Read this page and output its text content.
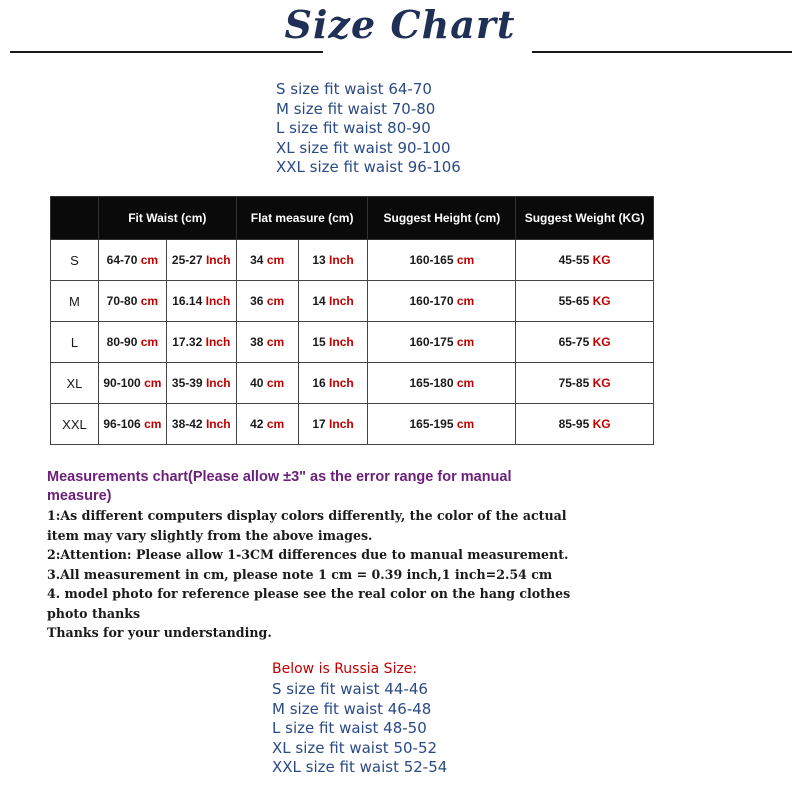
Size Chart
S size fit waist 64-70
M size fit waist 70-80
L size fit waist 80-90
XL size fit waist 90-100
XXL size fit waist 96-106
	Fit Waist (cm)		Flat measure (cm)		Suggest Height (cm)	Suggest Weight (KG)
S	64-70 cm	25-27 Inch	34 cm	13 Inch	160-165 cm	45-55 KG
M	70-80 cm	16.14 Inch	36 cm	14 Inch	160-170 cm	55-65 KG
L	80-90 cm	17.32 Inch	38 cm	15 Inch	160-175 cm	65-75 KG
XL	90-100 cm	35-39 Inch	40 cm	16 Inch	165-180 cm	75-85 KG
XXL	96-106 cm	38-42 Inch	42 cm	17 Inch	165-195 cm	85-95 KG
Measurements chart(Please allow ±3" as the error range for manual
measure)
1:As different computers display colors differently, the color of the actual
item may vary slightly from the above images.
2:Attention: Please allow 1-3CM differences due to manual measurement.
3.All measurement in cm, please note 1 cm = 0.39 inch,1 inch=2.54 cm
4. model photo for reference please see the real color on the hang clothes
photo thanks
Thanks for your understanding.
Below is Russia Size:
S size fit waist 44-46
M size fit waist 46-48
L size fit waist 48-50
XL size fit waist 50-52
XXL size fit waist 52-54
